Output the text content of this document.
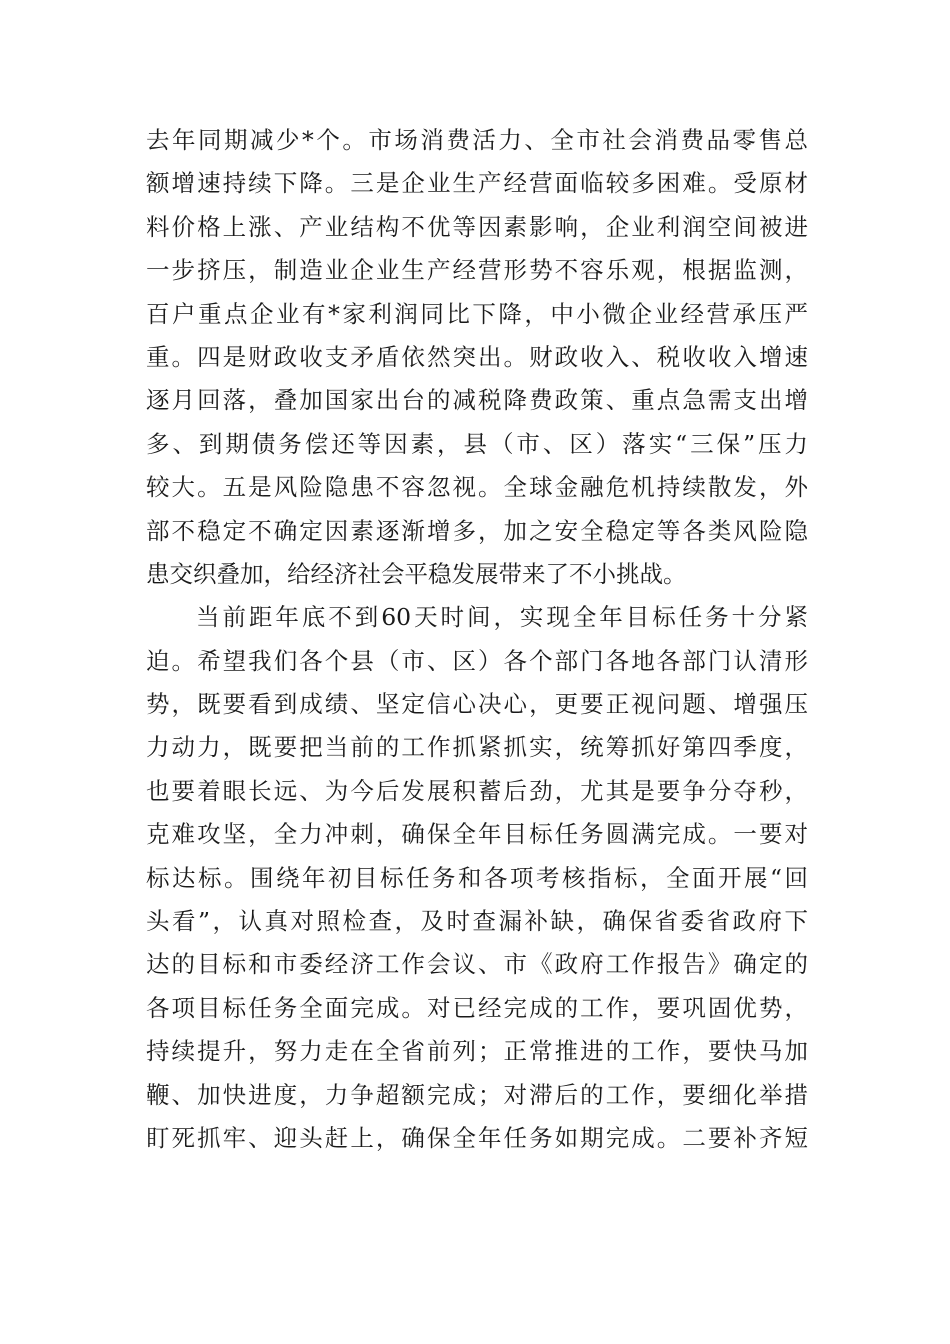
去年同期减少*个。市场消费活力、全市社会消费品零售总
额增速持续下降。三是企业生产经营面临较多困难。受原材
料价格上涨、产业结构不优等因素影响，企业利润空间被进
一步挤压，制造业企业生产经营形势不容乐观，根据监测，
百户重点企业有*家利润同比下降，中小微企业经营承压严
重。四是财政收支矛盾依然突出。财政收入、税收收入增速
逐月回落，叠加国家出台的减税降费政策、重点急需支出增
多、到期债务偿还等因素，县（市、区）落实“三保”压力
较大。五是风险隐患不容忽视。全球金融危机持续散发，外
部不稳定不确定因素逐渐增多，加之安全稳定等各类风险隐
患交织叠加，给经济社会平稳发展带来了不小挑战。
当前距年底不到60天时间，实现全年目标任务十分紧
迫。希望我们各个县（市、区）各个部门各地各部门认清形
势，既要看到成绩、坚定信心决心，更要正视问题、增强压
力动力，既要把当前的工作抓紧抓实，统筹抓好第四季度，
也要着眼长远、为今后发展积蓄后劲，尤其是要争分夺秒，
克难攻坚，全力冲刺，确保全年目标任务圆满完成。一要对
标达标。围绕年初目标任务和各项考核指标，全面开展“回
头看”，认真对照检查，及时查漏补缺，确保省委省政府下
达的目标和市委经济工作会议、市《政府工作报告》确定的
各项目标任务全面完成。对已经完成的工作，要巩固优势，
持续提升，努力走在全省前列；正常推进的工作，要快马加
鞭、加快进度，力争超额完成；对滞后的工作，要细化举措
盯死抓牢、迎头赶上，确保全年任务如期完成。二要补齐短
